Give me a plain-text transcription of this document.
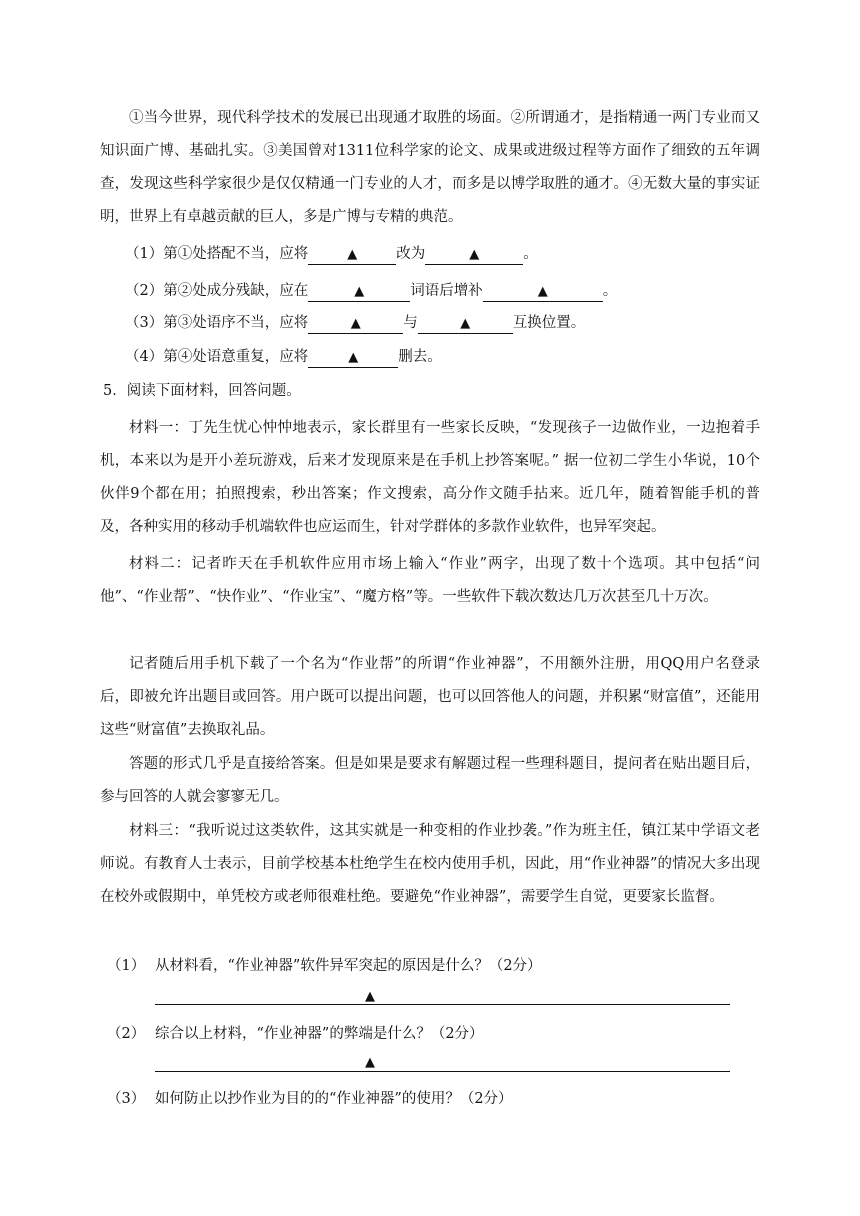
①当今世界，现代科学技术的发展已出现通才取胜的场面。②所谓通才，是指精通一两门专业而又知识面广博、基础扎实。③美国曾对1311位科学家的论文、成果或进级过程等方面作了细致的五年调查，发现这些科学家很少是仅仅精通一门专业的人才，而多是以博学取胜的通才。④无数大量的事实证明，世界上有卓越贡献的巨人，多是广博与专精的典范。
（1）第①处搭配不当，应将	▲	改为	▲	。
（2）第②处成分残缺，应在	▲	词语后增补	▲	。
（3）第③处语序不当，应将	▲	与	▲	互换位置。
（4）第④处语意重复，应将	▲	删去。
5．阅读下面材料，回答问题。
材料一：丁先生忧心忡忡地表示，家长群里有一些家长反映，“发现孩子一边做作业，一边抱着手机，本来以为是开小差玩游戏，后来才发现原来是在手机上抄答案呢。” 据一位初二学生小华说，10个伙伴9个都在用；拍照搜索，秒出答案；作文搜索，高分作文随手拈来。近几年，随着智能手机的普及，各种实用的移动手机端软件也应运而生，针对学群体的多款作业软件，也异军突起。
材料二：记者昨天在手机软件应用市场上输入“作业”两字，出现了数十个选项。其中包括“问他”、“作业帮”、“快作业”、“作业宝”、“魔方格”等。一些软件下载次数达几万次甚至几十万次。
记者随后用手机下载了一个名为“作业帮”的所谓“作业神器”，不用额外注册，用QQ用户名登录后，即被允许出题目或回答。用户既可以提出问题，也可以回答他人的问题，并积累“财富值”，还能用这些“财富值”去换取礼品。
答题的形式几乎是直接给答案。但是如果是要求有解题过程一些理科题目，提问者在贴出题目后，参与回答的人就会寥寥无几。
材料三：“我听说过这类软件，这其实就是一种变相的作业抄袭。”作为班主任，镇江某中学语文老师说。有教育人士表示，目前学校基本杜绝学生在校内使用手机，因此，用“作业神器”的情况大多出现在校外或假期中，单凭校方或老师很难杜绝。要避免“作业神器”，需要学生自觉，更要家长监督。
（1） 从材料看，“作业神器”软件异军突起的原因是什么？（2分）
▲
（2） 综合以上材料，“作业神器”的弊端是什么？（2分）
▲
（3） 如何防止以抄作业为目的的“作业神器”的使用？（2分）
